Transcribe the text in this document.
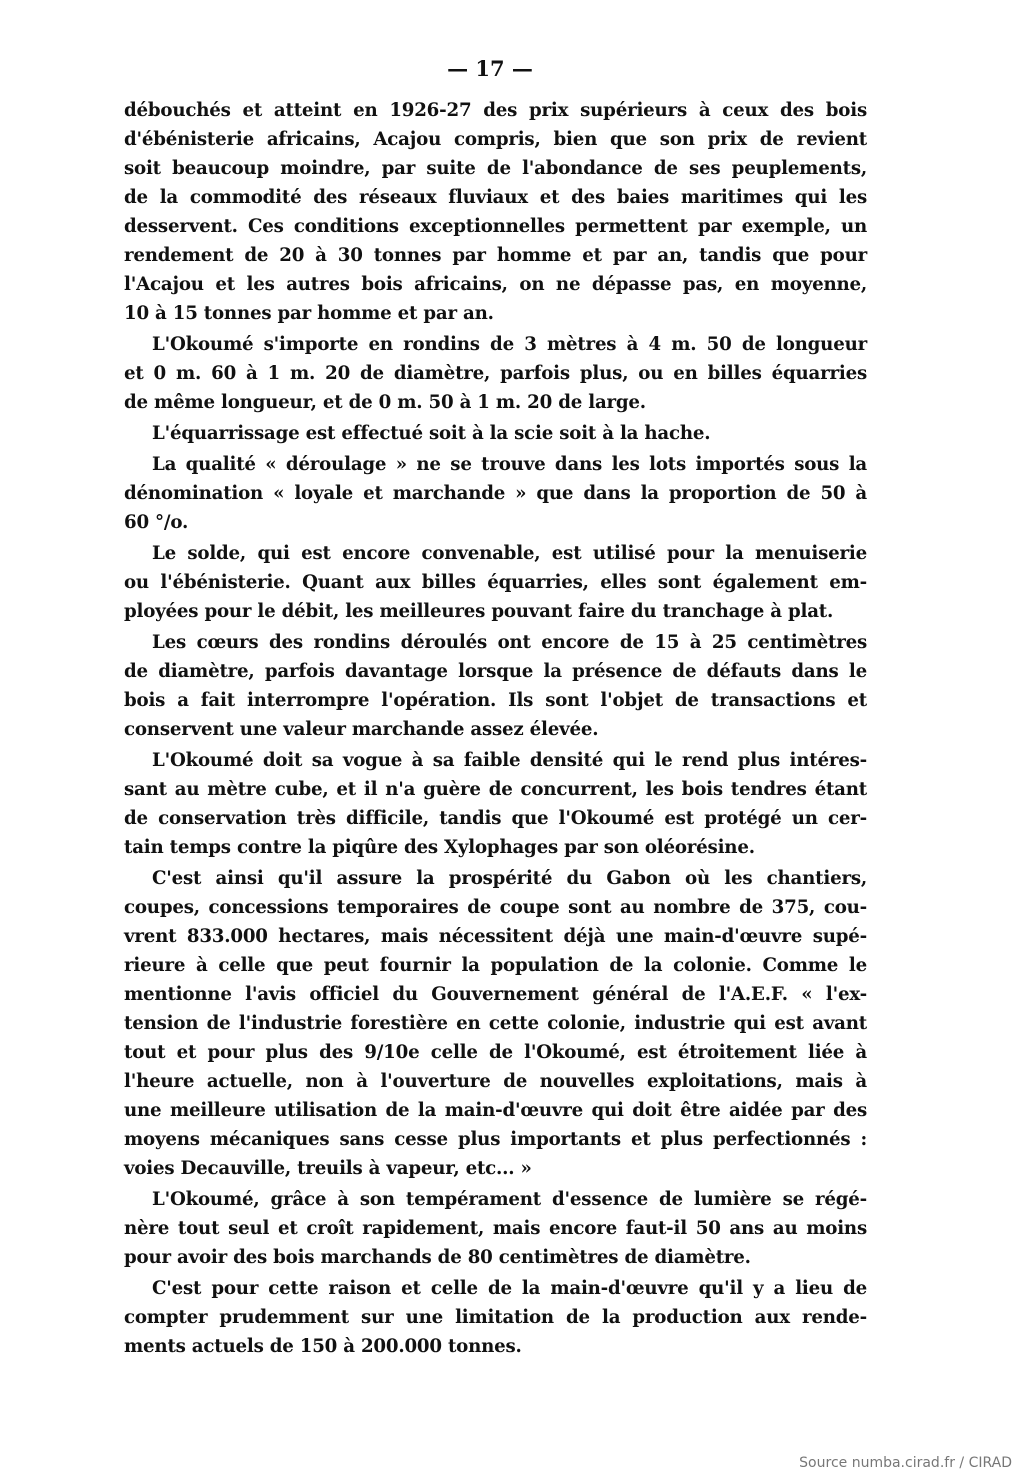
— 17 —
débouchés et atteint en 1926-27 des prix supérieurs à ceux des bois
d'ébénisterie africains, Acajou compris, bien que son prix de revient
soit beaucoup moindre, par suite de l'abondance de ses peuplements,
de la commodité des réseaux fluviaux et des baies maritimes qui les
desservent. Ces conditions exceptionnelles permettent par exemple, un
rendement de 20 à 30 tonnes par homme et par an, tandis que pour
l'Acajou et les autres bois africains, on ne dépasse pas, en moyenne,
10 à 15 tonnes par homme et par an.
L'Okoumé s'importe en rondins de 3 mètres à 4 m. 50 de longueur
et 0 m. 60 à 1 m. 20 de diamètre, parfois plus, ou en billes équarries
de même longueur, et de 0 m. 50 à 1 m. 20 de large.
L'équarrissage est effectué soit à la scie soit à la hache.
La qualité « déroulage » ne se trouve dans les lots importés sous la
dénomination « loyale et marchande » que dans la proportion de 50 à
60 °/o.
Le solde, qui est encore convenable, est utilisé pour la menuiserie
ou l'ébénisterie. Quant aux billes équarries, elles sont également em-
ployées pour le débit, les meilleures pouvant faire du tranchage à plat.
Les cœurs des rondins déroulés ont encore de 15 à 25 centimètres
de diamètre, parfois davantage lorsque la présence de défauts dans le
bois a fait interrompre l'opération. Ils sont l'objet de transactions et
conservent une valeur marchande assez élevée.
L'Okoumé doit sa vogue à sa faible densité qui le rend plus intéres-
sant au mètre cube, et il n'a guère de concurrent, les bois tendres étant
de conservation très difficile, tandis que l'Okoumé est protégé un cer-
tain temps contre la piqûre des Xylophages par son oléorésine.
C'est ainsi qu'il assure la prospérité du Gabon où les chantiers,
coupes, concessions temporaires de coupe sont au nombre de 375, cou-
vrent 833.000 hectares, mais nécessitent déjà une main-d'œuvre supé-
rieure à celle que peut fournir la population de la colonie. Comme le
mentionne l'avis officiel du Gouvernement général de l'A.E.F. « l'ex-
tension de l'industrie forestière en cette colonie, industrie qui est avant
tout et pour plus des 9/10e celle de l'Okoumé, est étroitement liée à
l'heure actuelle, non à l'ouverture de nouvelles exploitations, mais à
une meilleure utilisation de la main-d'œuvre qui doit être aidée par des
moyens mécaniques sans cesse plus importants et plus perfectionnés :
voies Decauville, treuils à vapeur, etc... »
L'Okoumé, grâce à son tempérament d'essence de lumière se régé-
nère tout seul et croît rapidement, mais encore faut-il 50 ans au moins
pour avoir des bois marchands de 80 centimètres de diamètre.
C'est pour cette raison et celle de la main-d'œuvre qu'il y a lieu de
compter prudemment sur une limitation de la production aux rende-
ments actuels de 150 à 200.000 tonnes.
Source numba.cirad.fr / CIRAD
